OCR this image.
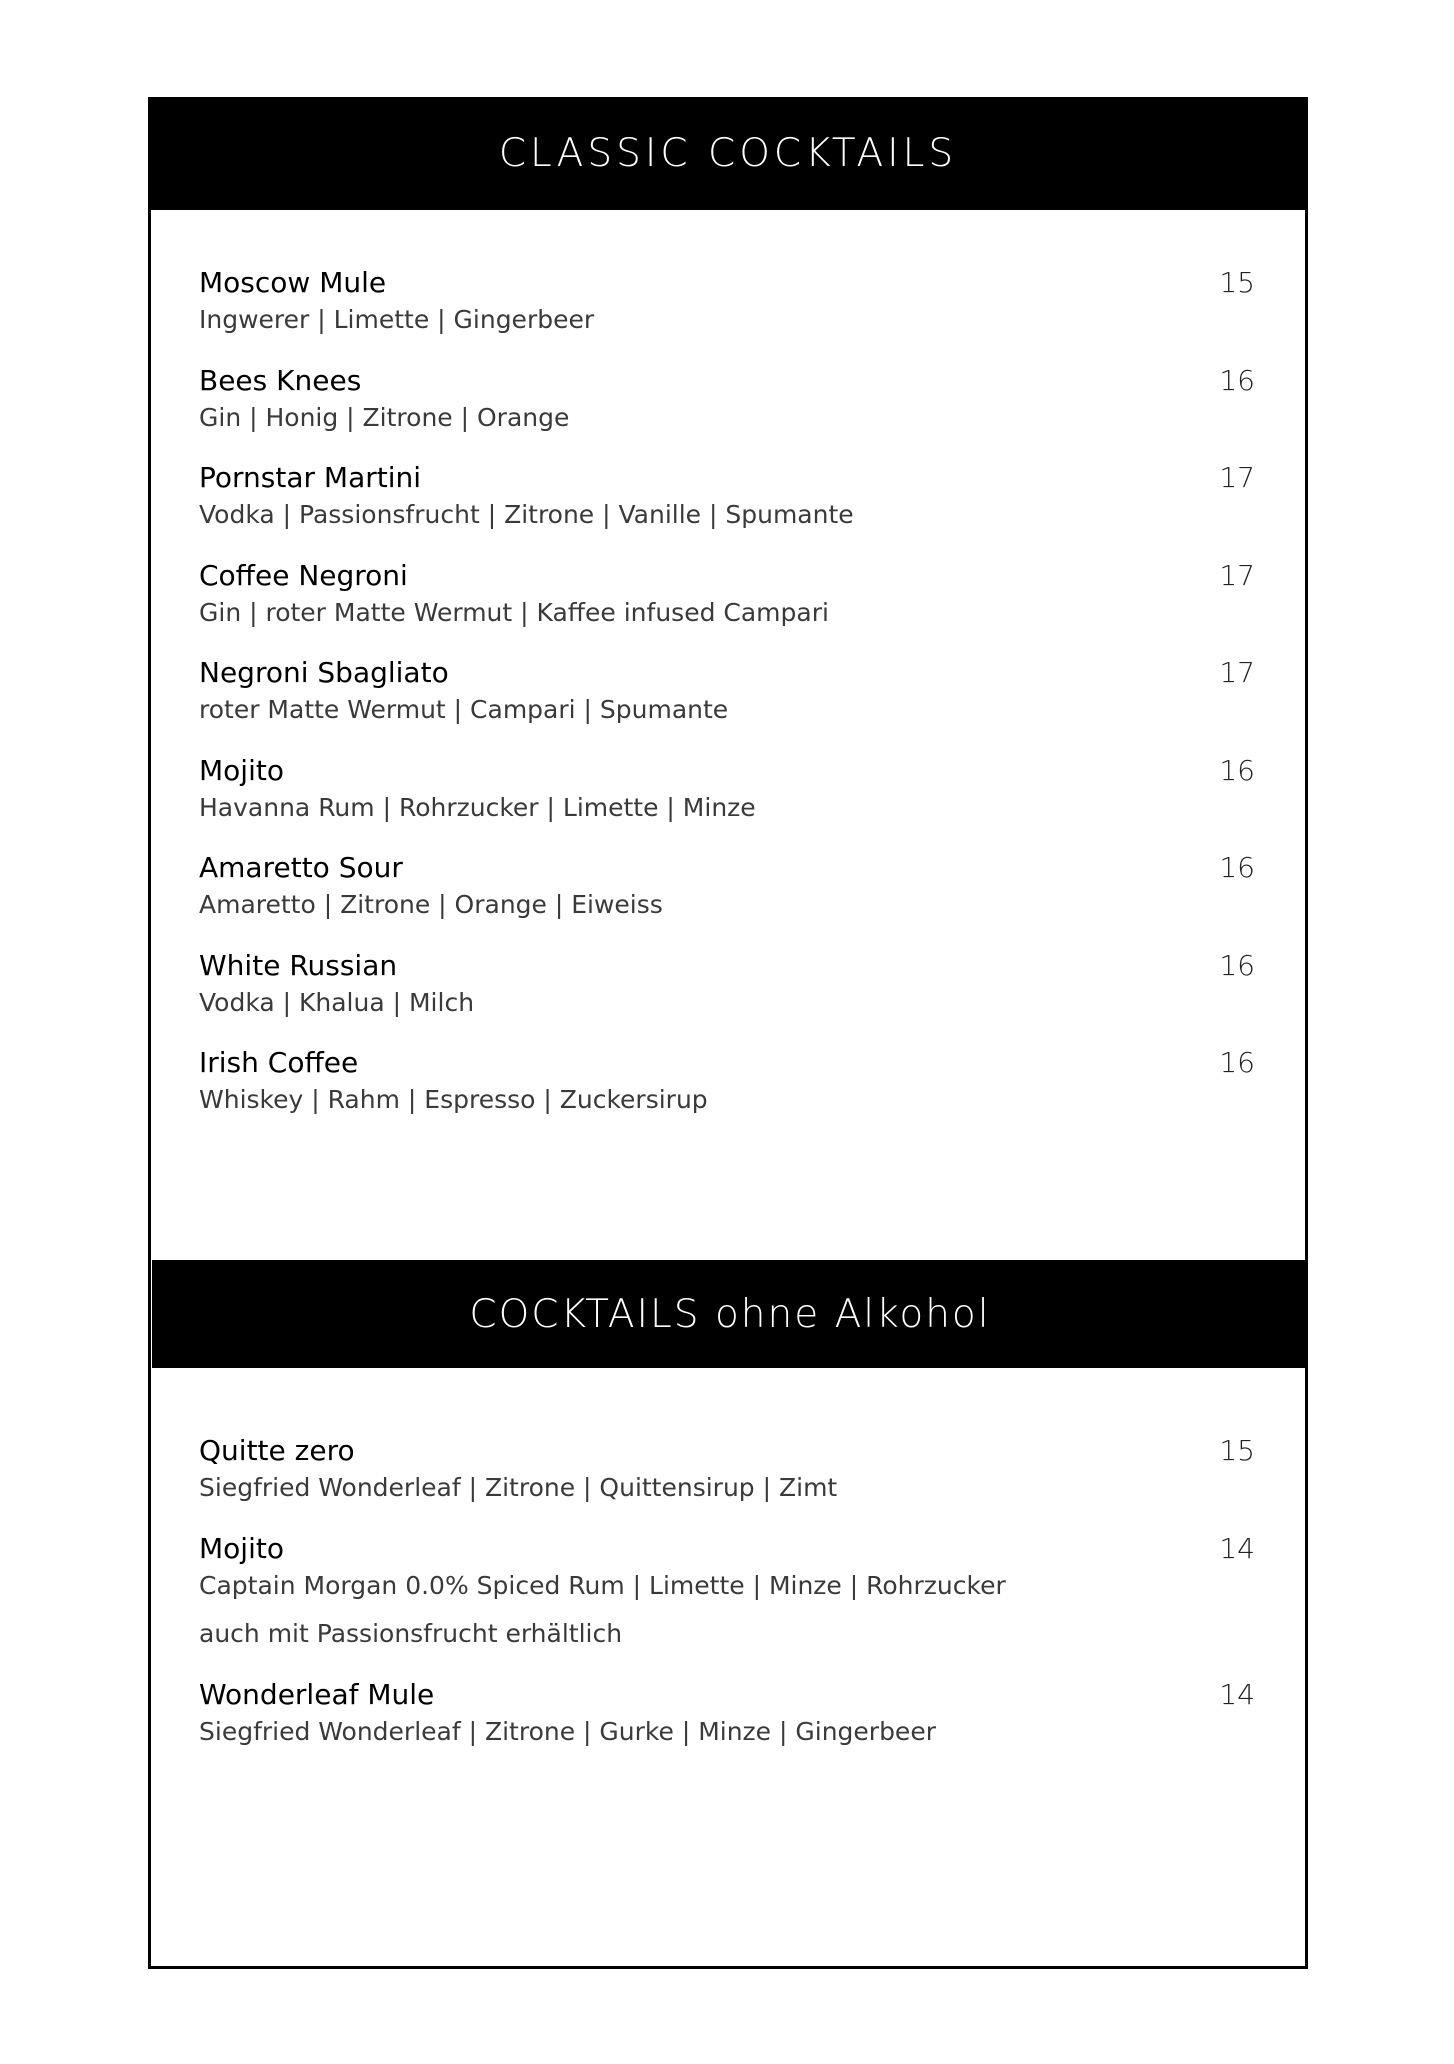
CLASSIC COCKTAILS
Moscow Mule	15
Ingwerer | Limette | Gingerbeer
Bees Knees	16
Gin | Honig | Zitrone | Orange
Pornstar Martini	17
Vodka | Passionsfrucht | Zitrone | Vanille | Spumante
Coffee Negroni	17
Gin | roter Matte Wermut | Kaffee infused Campari
Negroni Sbagliato	17
roter Matte Wermut | Campari | Spumante
Mojito	16
Havanna Rum | Rohrzucker | Limette | Minze
Amaretto Sour	16
Amaretto | Zitrone | Orange | Eiweiss
White Russian	16
Vodka | Khalua | Milch
Irish Coffee	16
Whiskey | Rahm | Espresso | Zuckersirup
COCKTAILS ohne Alkohol
Quitte zero	15
Siegfried Wonderleaf | Zitrone | Quittensirup | Zimt
Mojito	14
Captain Morgan 0.0% Spiced Rum | Limette | Minze | Rohrzucker
auch mit Passionsfrucht erhältlich
Wonderleaf Mule	14
Siegfried Wonderleaf | Zitrone | Gurke | Minze | Gingerbeer
